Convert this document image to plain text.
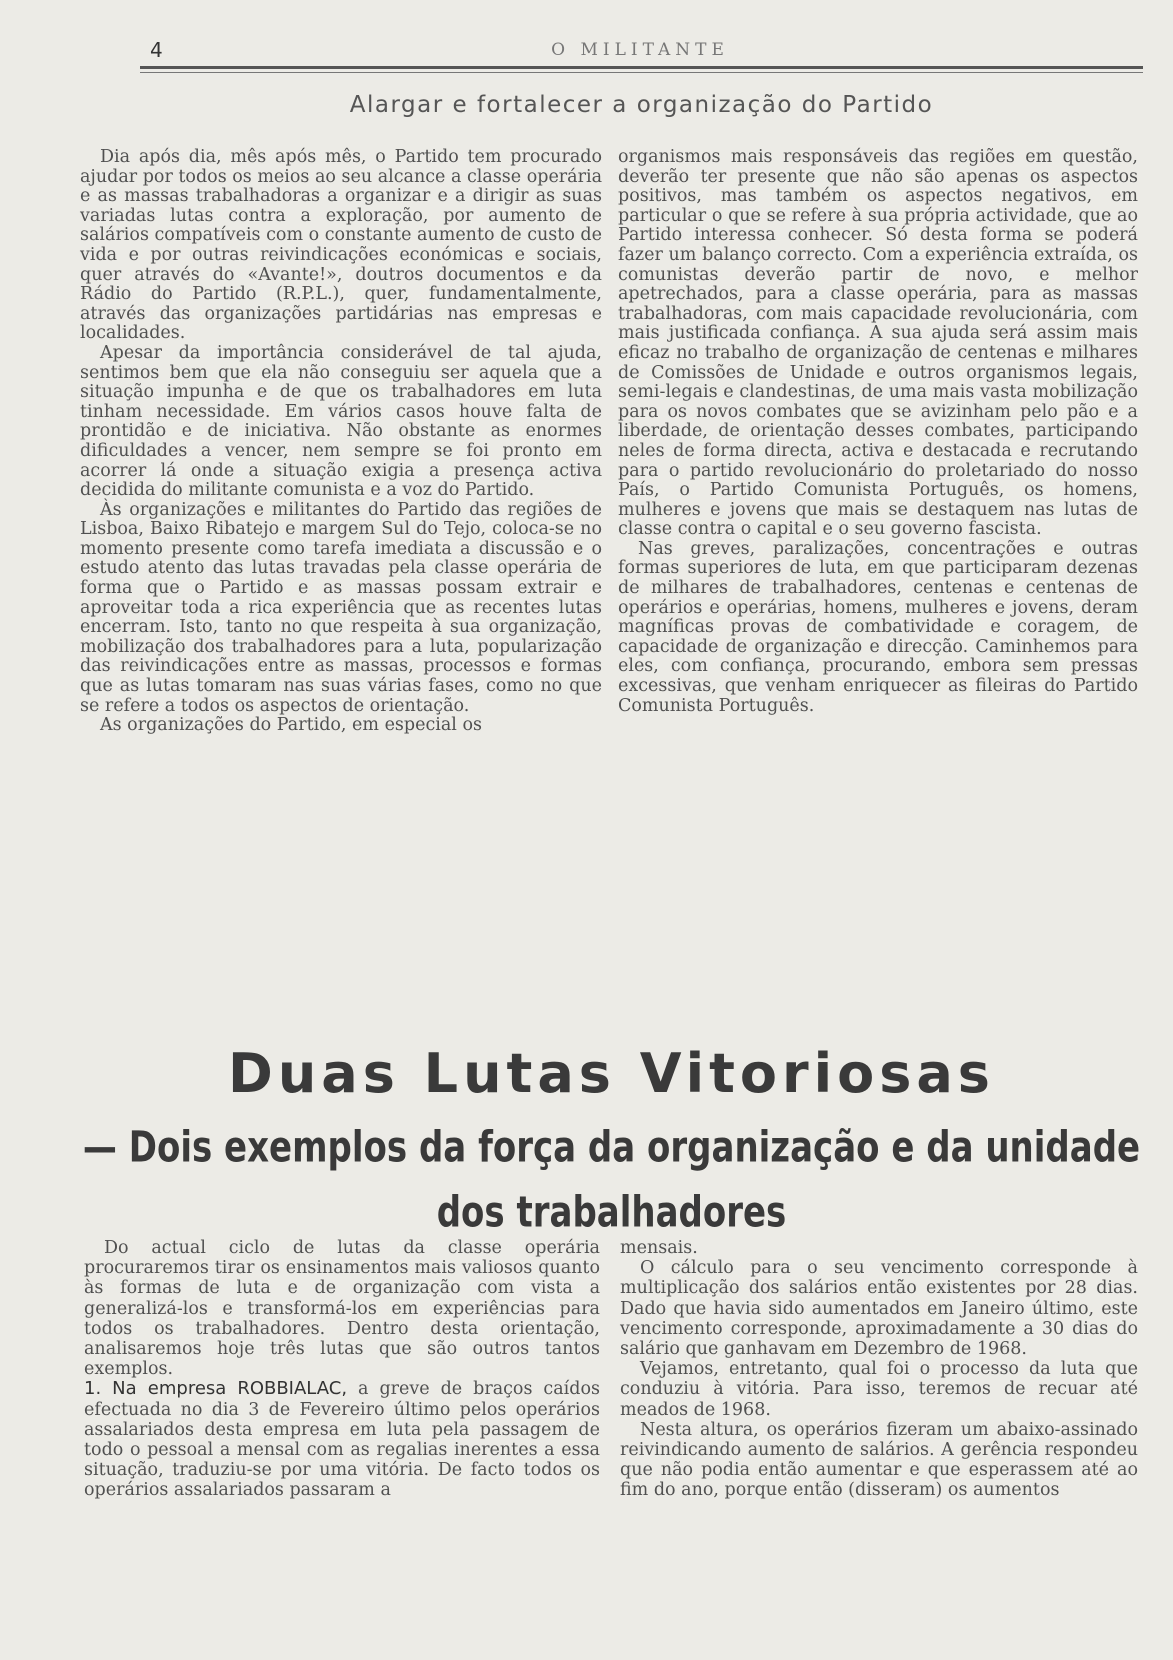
4	O MILITANTE
Alargar e fortalecer a organização do Partido

Dia após dia, mês após mês, o Partido tem procurado ajudar por todos os meios ao seu alcance a classe operária e as massas trabalhadoras a organizar e a dirigir as suas variadas lutas contra a exploração, por aumento de salários compatíveis com o constante aumento de custo de vida e por outras reivindicações económicas e sociais, quer através do «Avante!», doutros documentos e da Rádio do Partido (R.P.L.), quer, fundamentalmente, através das organizações partidárias nas empresas e localidades.

Apesar da importância considerável de tal ajuda, sentimos bem que ela não conseguiu ser aquela que a situação impunha e de que os trabalhadores em luta tinham necessidade. Em vários casos houve falta de prontidão e de iniciativa. Não obstante as enormes dificuldades a vencer, nem sempre se foi pronto em acorrer lá onde a situação exigia a presença activa decidida do militante comunista e a voz do Partido.

Às organizações e militantes do Partido das regiões de Lisboa, Baixo Ribatejo e margem Sul do Tejo, coloca-se no momento presente como tarefa imediata a discussão e o estudo atento das lutas travadas pela classe operária de forma que o Partido e as massas possam extrair e aproveitar toda a rica experiência que as recentes lutas encerram. Isto, tanto no que respeita à sua organização, mobilização dos trabalhadores para a luta, popularização das reivindicações entre as massas, processos e formas que as lutas tomaram nas suas várias fases, como no que se refere a todos os aspectos de orientação.

As organizações do Partido, em especial os

organismos mais responsáveis das regiões em questão, deverão ter presente que não são apenas os aspectos positivos, mas também os aspectos negativos, em particular o que se refere à sua própria actividade, que ao Partido interessa conhecer. Só desta forma se poderá fazer um balanço correcto. Com a experiência extraída, os comunistas deverão partir de novo, e melhor apetrechados, para a classe operária, para as massas trabalhadoras, com mais capacidade revolucionária, com mais justificada confiança. A sua ajuda será assim mais eficaz no trabalho de organização de centenas e milhares de Comissões de Unidade e outros organismos legais, semi-legais e clandestinas, de uma mais vasta mobilização para os novos combates que se avizinham pelo pão e a liberdade, de orientação desses combates, participando neles de forma directa, activa e destacada e recrutando para o partido revolucionário do proletariado do nosso País, o Partido Comunista Português, os homens, mulheres e jovens que mais se destaquem nas lutas de classe contra o capital e o seu governo fascista.

Nas greves, paralizações, concentrações e outras formas superiores de luta, em que participaram dezenas de milhares de trabalhadores, centenas e centenas de operários e operárias, homens, mulheres e jovens, deram magníficas provas de combatividade e coragem, de capacidade de organização e direcção. Caminhemos para eles, com confiança, procurando, embora sem pressas excessivas, que venham enriquecer as fileiras do Partido Comunista Português.

Duas Lutas Vitoriosas
— Dois exemplos da força da organização e da unidade dos trabalhadores

Do actual ciclo de lutas da classe operária procuraremos tirar os ensinamentos mais valiosos quanto às formas de luta e de organização com vista a generalizá-los e transformá-los em experiências para todos os trabalhadores. Dentro desta orientação, analisaremos hoje três lutas que são outros tantos exemplos.

1. Na empresa ROBBIALAC, a greve de braços caídos efectuada no dia 3 de Fevereiro último pelos operários assalariados desta empresa em luta pela passagem de todo o pessoal a mensal com as regalias inerentes a essa situação, traduziu-se por uma vitória. De facto todos os operários assalariados passaram a

mensais.

O cálculo para o seu vencimento corresponde à multiplicação dos salários então existentes por 28 dias. Dado que havia sido aumentados em Janeiro último, este vencimento corresponde, aproximadamente a 30 dias do salário que ganhavam em Dezembro de 1968.

Vejamos, entretanto, qual foi o processo da luta que conduziu à vitória. Para isso, teremos de recuar até meados de 1968.

Nesta altura, os operários fizeram um abaixo-assinado reivindicando aumento de salários. A gerência respondeu que não podia então aumentar e que esperassem até ao fim do ano, porque então (disseram) os aumentos
